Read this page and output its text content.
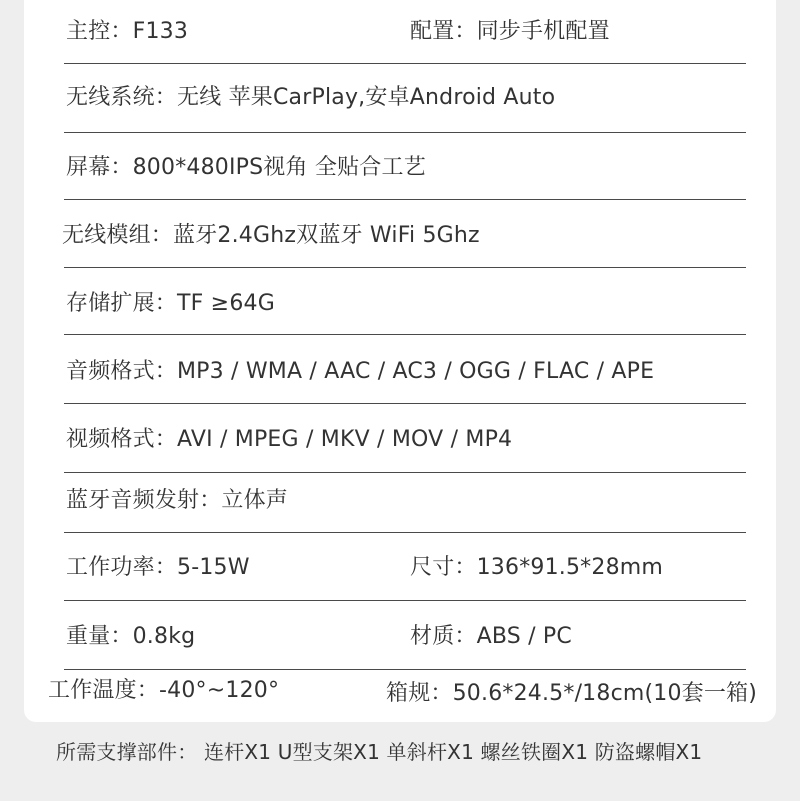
主控：F133	配置：同步手机配置
无线系统：无线 苹果CarPlay,安卓Android Auto
屏幕：800*480IPS视角 全贴合工艺
无线模组：蓝牙2.4Ghz双蓝牙 WiFi 5Ghz
存储扩展：TF ≥64G
音频格式：MP3 / WMA / AAC / AC3 / OGG / FLAC / APE
视频格式：AVI / MPEG / MKV / MOV / MP4
蓝牙音频发射：立体声
工作功率：5-15W	尺寸：136*91.5*28mm
重量：0.8kg	材质：ABS / PC
工作温度：-40°~120°	箱规：50.6*24.5*/18cm(10套一箱)
所需支撑部件： 连杆X1 U型支架X1 单斜杆X1 螺丝铁圈X1 防盗螺帽X1
